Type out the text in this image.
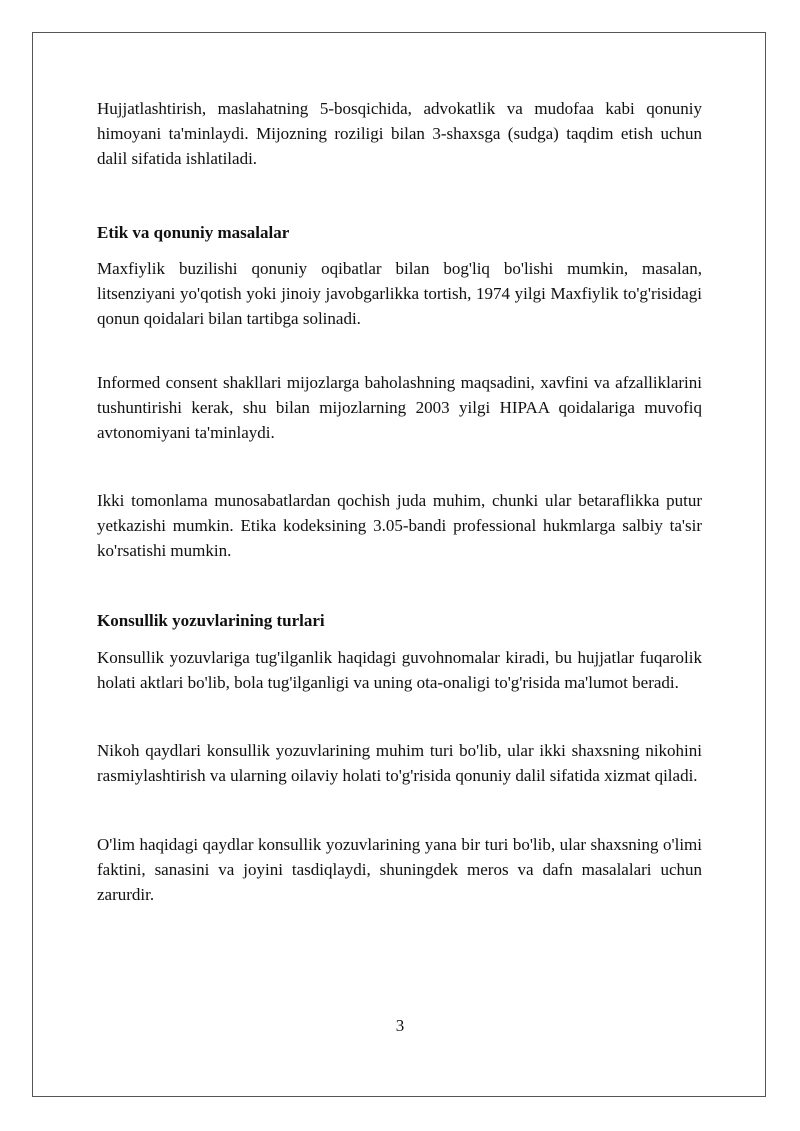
Hujjatlashtirish, maslahatning 5-bosqichida, advokatlik va mudofaa kabi qonuniy himoyani ta'minlaydi. Mijozning roziligi bilan 3-shaxsga (sudga) taqdim etish uchun dalil sifatida ishlatiladi.

Etik va qonuniy masalalar

Maxfiylik buzilishi qonuniy oqibatlar bilan bog'liq bo'lishi mumkin, masalan, litsenziyani yo'qotish yoki jinoiy javobgarlikka tortish, 1974 yilgi Maxfiylik to'g'risidagi qonun qoidalari bilan tartibga solinadi.

Informed consent shakllari mijozlarga baholashning maqsadini, xavfini va afzalliklarini tushuntirishi kerak, shu bilan mijozlarning 2003 yilgi HIPAA qoidalariga muvofiq avtonomiyani ta'minlaydi.

Ikki tomonlama munosabatlardan qochish juda muhim, chunki ular betaraflikka putur yetkazishi mumkin. Etika kodeksining 3.05-bandi professional hukmlarga salbiy ta'sir ko'rsatishi mumkin.

Konsullik yozuvlarining turlari

Konsullik yozuvlariga tug'ilganlik haqidagi guvohnomalar kiradi, bu hujjatlar fuqarolik holati aktlari bo'lib, bola tug'ilganligi va uning ota-onaligi to'g'risida ma'lumot beradi.

Nikoh qaydlari konsullik yozuvlarining muhim turi bo'lib, ular ikki shaxsning nikohini rasmiylashtirish va ularning oilaviy holati to'g'risida qonuniy dalil sifatida xizmat qiladi.

O'lim haqidagi qaydlar konsullik yozuvlarining yana bir turi bo'lib, ular shaxsning o'limi faktini, sanasini va joyini tasdiqlaydi, shuningdek meros va dafn masalalari uchun zarurdir.

3
